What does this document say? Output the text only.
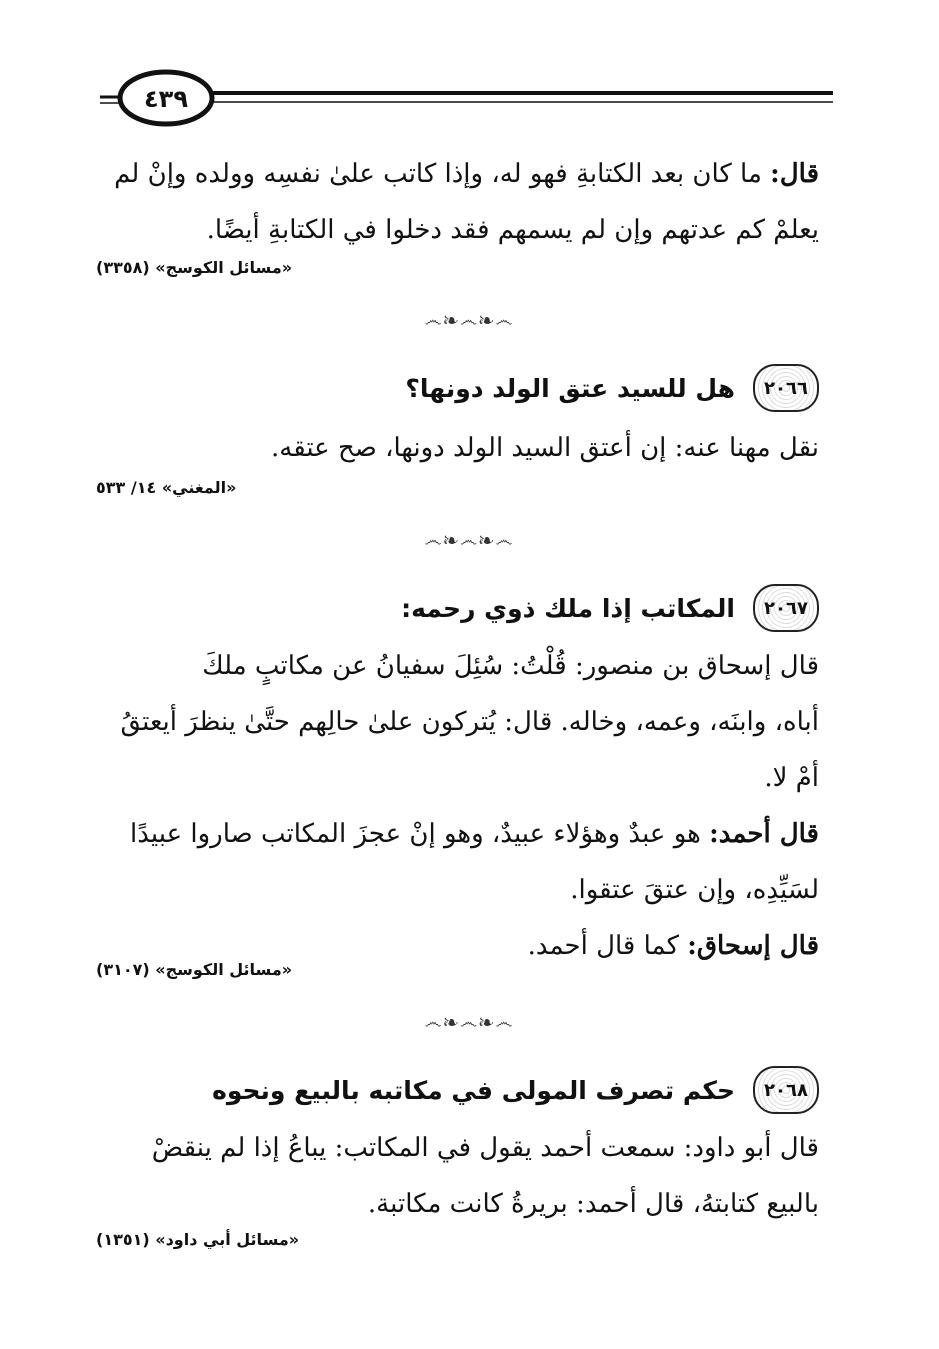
٤٣٩
قال: ما كان بعد الكتابةِ فهو له، وإذا كاتب علىٰ نفسِه وولده وإنْ لم
يعلمْ كم عدتهم وإن لم يسمهم فقد دخلوا في الكتابةِ أيضًا.
«مسائل الكوسج» (٣٣٥٨)
෴❧෴❧෴
٢٠٦٦
هل للسيد عتق الولد دونها؟
نقل مهنا عنه: إن أعتق السيد الولد دونها، صح عتقه.
«المغني» ١٤/ ٥٣٣
෴❧෴❧෴
٢٠٦٧
المكاتب إذا ملك ذوي رحمه:
قال إسحاق بن منصور: قُلْتُ: سُئِلَ سفيانُ عن مكاتبٍ ملكَ
أباه، وابنَه، وعمه، وخاله. قال: يُتركون علىٰ حالِهم حتَّىٰ ينظرَ أيعتقُ
أمْ لا.
قال أحمد: هو عبدٌ وهؤلاء عبيدٌ، وهو إنْ عجزَ المكاتب صاروا عبيدًا
لسَيِّدِه، وإن عتقَ عتقوا.
قال إسحاق: كما قال أحمد.
«مسائل الكوسج» (٣١٠٧)
෴❧෴❧෴
٢٠٦٨
حكم تصرف المولى في مكاتبه بالبيع ونحوه
قال أبو داود: سمعت أحمد يقول في المكاتب: يباعُ إذا لم ينقضْ
بالبيع كتابتهُ، قال أحمد: بريرةُ كانت مكاتبة.
«مسائل أبي داود» (١٣٥١)
